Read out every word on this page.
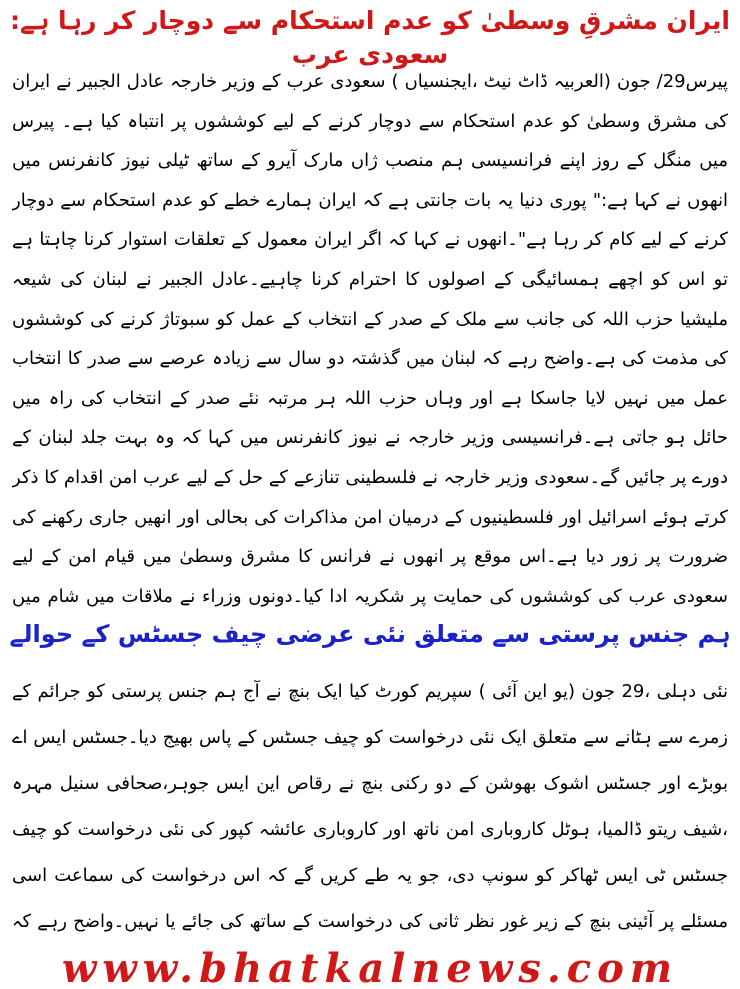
ایران مشرقِ وسطیٰ کو عدم استحکام سے دوچار کر رہا ہے: سعودی عرب

پیرس29/ جون (العربیہ ڈاٹ نیٹ ،ایجنسیاں ) سعودی عرب کے وزیر خارجہ عادل الجبیر نے ایران کی مشرق وسطیٰ کو عدم استحکام سے دوچار کرنے کے لیے کوششوں پر انتباہ کیا ہے۔ پیرس میں منگل کے روز اپنے فرانسیسی ہم منصب ژاں مارک آیرو کے ساتھ ٹیلی نیوز کانفرنس میں انھوں نے کہا ہے:" پوری دنیا یہ بات جانتی ہے کہ ایران ہمارے خطے کو عدم استحکام سے دوچار کرنے کے لیے کام کر رہا ہے"۔انھوں نے کہا کہ اگر ایران معمول کے تعلقات استوار کرنا چاہتا ہے تو اس کو اچھے ہمسائیگی کے اصولوں کا احترام کرنا چاہیے۔عادل الجبیر نے لبنان کی شیعہ ملیشیا حزب اللہ کی جانب سے ملک کے صدر کے انتخاب کے عمل کو سبوتاژ کرنے کی کوششوں کی مذمت کی ہے۔واضح رہے کہ لبنان میں گذشتہ دو سال سے زیادہ عرصے سے صدر کا انتخاب عمل میں نہیں لایا جاسکا ہے اور وہاں حزب اللہ ہر مرتبہ نئے صدر کے انتخاب کی راہ میں حائل ہو جاتی ہے۔فرانسیسی وزیر خارجہ نے نیوز کانفرنس میں کہا کہ وہ بہت جلد لبنان کے دورے پر جائیں گے۔سعودی وزیر خارجہ نے فلسطینی تنازعے کے حل کے لیے عرب امن اقدام کا ذکر کرتے ہوئے اسرائیل اور فلسطینیوں کے درمیان امن مذاکرات کی بحالی اور انھیں جاری رکھنے کی ضرورت پر زور دیا ہے۔اس موقع پر انھوں نے فرانس کا مشرق وسطیٰ میں قیام امن کے لیے سعودی عرب کی کوششوں کی حمایت پر شکریہ ادا کیا۔دونوں وزراء نے ملاقات میں شام میں

ہم جنس پرستی سے متعلق نئی عرضی چیف جسٹس کے حوالے

نئی دہلی ،29 جون (یو این آئی ) سپریم کورٹ کیا ایک بنچ نے آج ہم جنس پرستی کو جرائم کے زمرے سے ہٹانے سے متعلق ایک نئی درخواست کو چیف جسٹس کے پاس بھیج دیا۔جسٹس ایس اے بوبڑے اور جسٹس اشوک بھوشن کے دو رکنی بنچ نے رقاص این ایس جوہر،صحافی سنیل مہرہ ،شیف ریتو ڈالمیا، ہوٹل کاروباری امن ناتھ اور کاروباری عائشہ کپور کی نئی درخواست کو چیف جسٹس ٹی ایس ٹھاکر کو سونپ دی، جو یہ طے کریں گے کہ اس درخواست کی سماعت اسی مسئلے پر آئینی بنچ کے زیر غور نظر ثانی کی درخواست کے ساتھ کی جائے یا نہیں۔واضح رہے کہ

www.bhatkalnews.com
